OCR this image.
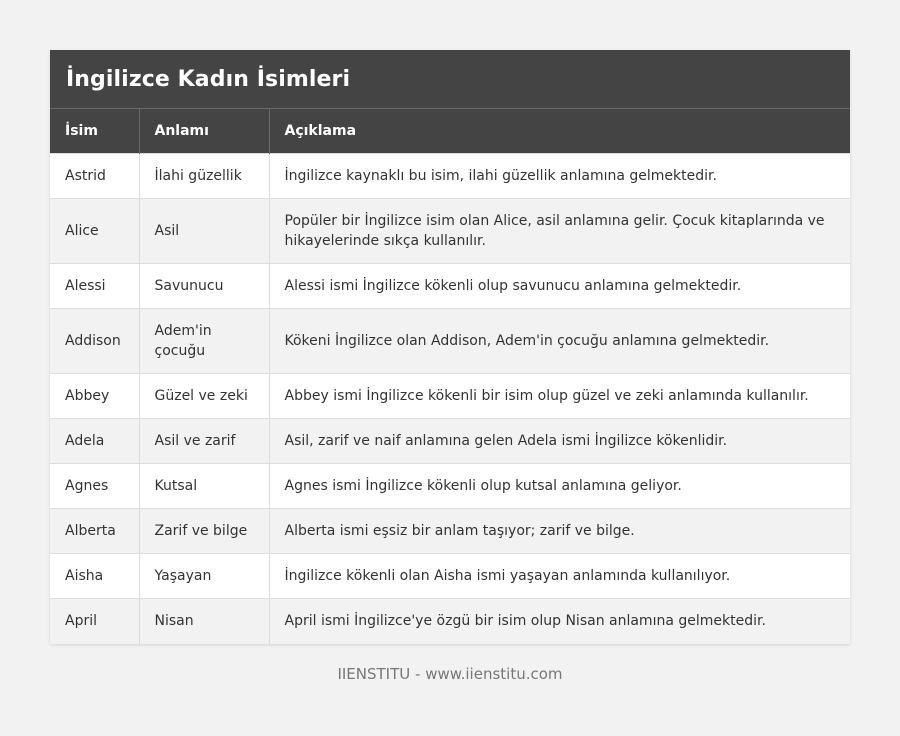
İngilizce Kadın İsimleri
İsim	Anlamı	Açıklama
Astrid	İlahi güzellik	İngilizce kaynaklı bu isim, ilahi güzellik anlamına gelmektedir.
Alice	Asil	Popüler bir İngilizce isim olan Alice, asil anlamına gelir. Çocuk kitaplarında ve hikayelerinde sıkça kullanılır.
Alessi	Savunucu	Alessi ismi İngilizce kökenli olup savunucu anlamına gelmektedir.
Addison	Adem'in çocuğu	Kökeni İngilizce olan Addison, Adem'in çocuğu anlamına gelmektedir.
Abbey	Güzel ve zeki	Abbey ismi İngilizce kökenli bir isim olup güzel ve zeki anlamında kullanılır.
Adela	Asil ve zarif	Asil, zarif ve naif anlamına gelen Adela ismi İngilizce kökenlidir.
Agnes	Kutsal	Agnes ismi İngilizce kökenli olup kutsal anlamına geliyor.
Alberta	Zarif ve bilge	Alberta ismi eşsiz bir anlam taşıyor; zarif ve bilge.
Aisha	Yaşayan	İngilizce kökenli olan Aisha ismi yaşayan anlamında kullanılıyor.
April	Nisan	April ismi İngilizce'ye özgü bir isim olup Nisan anlamına gelmektedir.
IIENSTITU - www.iienstitu.com
